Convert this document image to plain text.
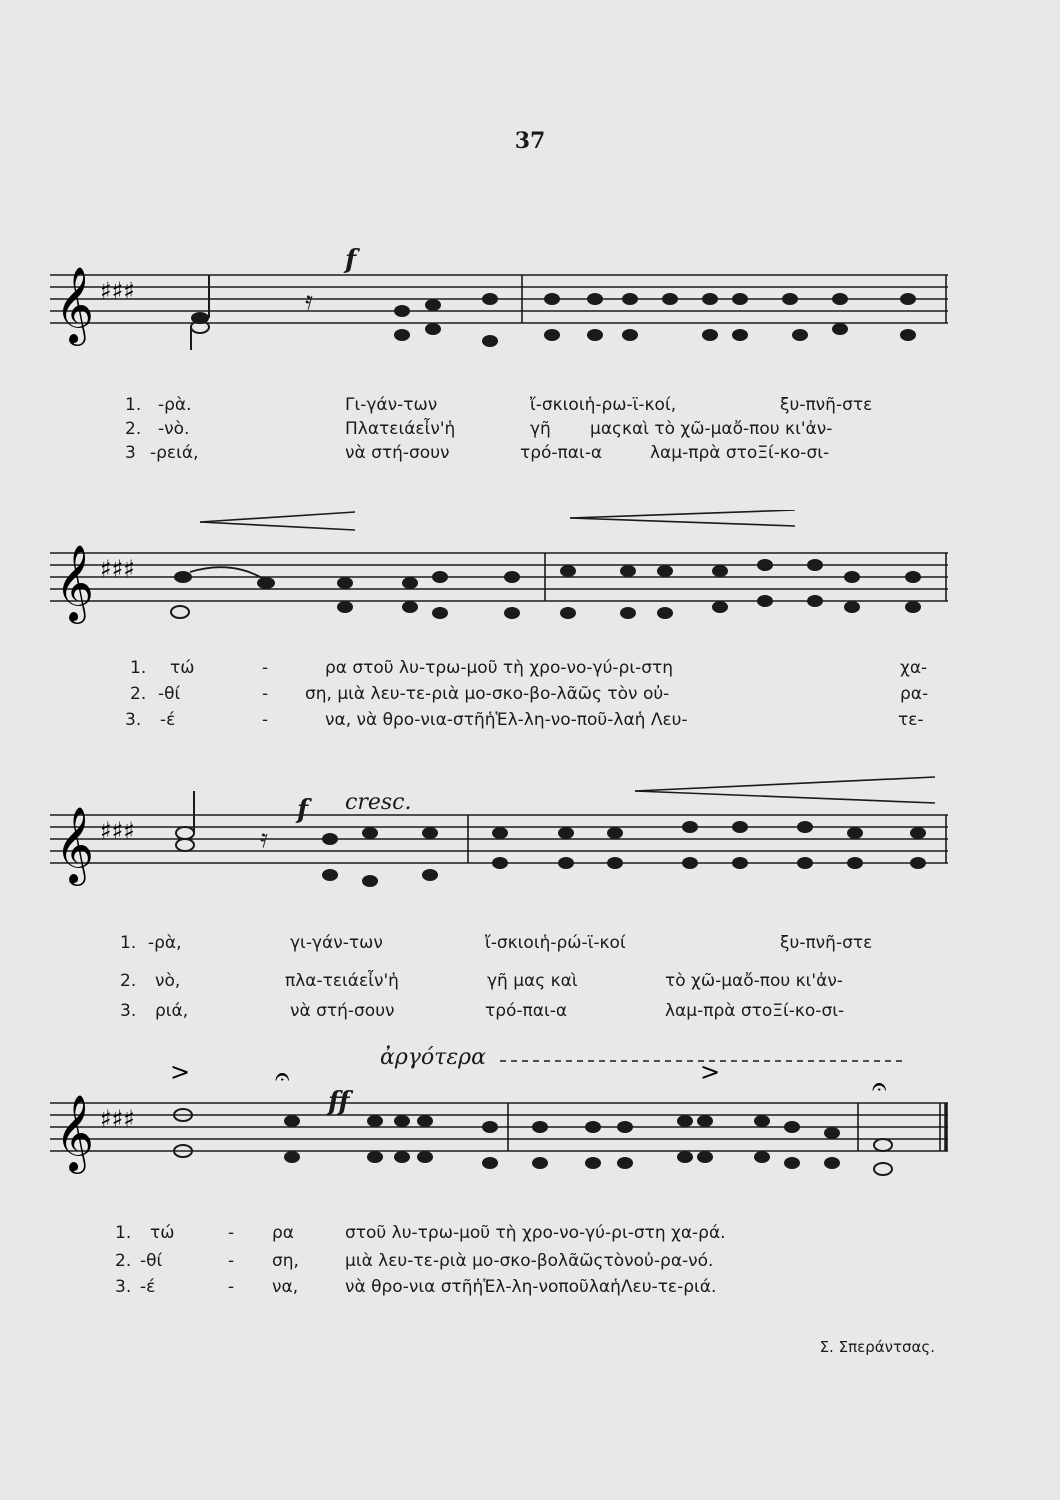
37
𝄞 ♯♯♯	𝄿
f
1. -ρὰ.	Γι-γάν-των	ἴ-σκιοιἡ-ρω-ϊ-κοί,	ξυ-πνῆ-στε
2. -νὸ.	Πλατειάεἶν'ἡ	γῆ μαςκαὶ τὸ χῶ-μαὄ-που κι'ἀν-
3 -ρειά,	νὰ στή-σουν	τρό-παι-α	λαμ-πρὰ στοΞί-κο-σι-
𝄞 ♯♯♯
1. τώ	-	ρα στοῦ λυ-τρω-μοῦ τὴ χρο-νο-γύ-ρι-στη	χα-
2. -θί	- ση, μιὰ λευ-τε-ριὰ μο-σκο-βο-λᾶῶς τὸν οὐ-	ρα-
3. -έ	-	να, νὰ θρο-νια-στῆἡἙλ-λη-νο-ποῦ-λαἡ Λευ-	τε-
𝄞 ♯♯♯	𝄿
f cresc.
1. -ρὰ,	γι-γάν-των	ἴ-σκιοιἡ-ρώ-ϊ-κοί	ξυ-πνῆ-στε
2. νὸ,	πλα-τειάεἶν'ἡ	γῆ μας καὶ	τὸ χῶ-μαὄ-που κι'ἀν-
3. ριά,	νὰ στή-σουν	τρό-παι-α	λαμ-πρὰ στοΞί-κο-σι-
𝄞 ♯♯♯
>	>
𝄐	𝄐
ἀργότερα
ff
1. τώ	- ρα	στοῦ λυ-τρω-μοῦ τὴ χρο-νο-γύ-ρι-στη χα-ρά.
2. -θί	- ση,	μιὰ λευ-τε-ριὰ μο-σκο-βολᾶῶςτὸνοὐ-ρα-νό.
3. -έ	- να,	νὰ θρο-νια στῆἡἙλ-λη-νοποῦλαἡΛευ-τε-ριά.
Σ. Σπεράντσας.
